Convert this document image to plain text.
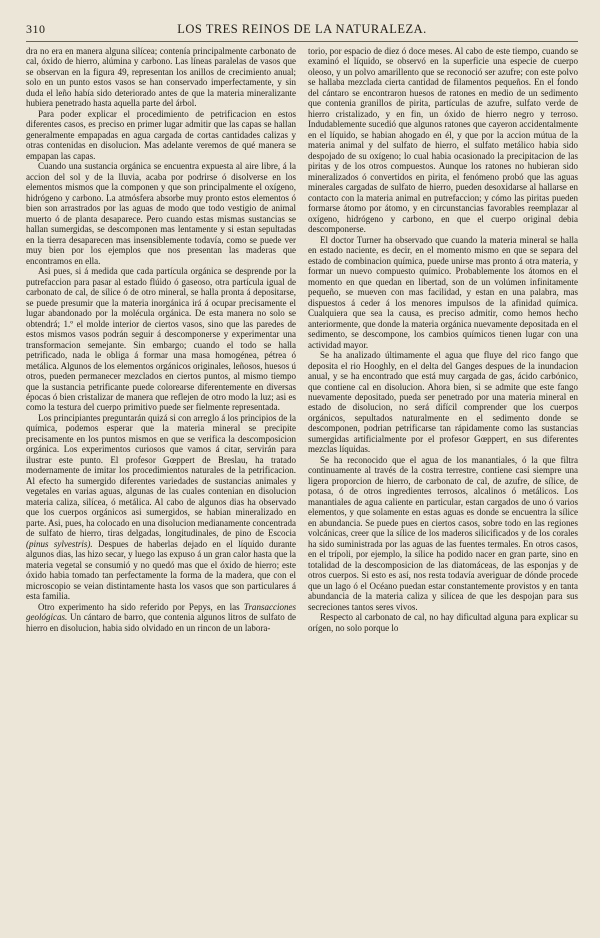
310	LOS TRES REINOS DE LA NATURALEZA.

dra no era en manera alguna silícea; contenía principalmente carbonato de cal, óxido de hierro, alúmina y carbono. Las líneas paralelas de vasos que se observan en la figura 49, representan los anillos de crecimiento anual; solo en un punto estos vasos se han conservado imperfectamente, y sin duda el leño había sido deteriorado antes de que la materia mineralizante hubiera penetrado hasta aquella parte del árbol.

Para poder explicar el procedimiento de petrificacion en estos diferentes casos, es preciso en primer lugar admitir que las capas se hallan generalmente empapadas en agua cargada de cortas cantidades calizas y otras contenidas en disolucion. Mas adelante veremos de qué manera se empapan las capas.

Cuando una sustancia orgánica se encuentra expuesta al aire libre, á la accion del sol y de la lluvia, acaba por podrirse ó disolverse en los elementos mismos que la componen y que son principalmente el oxígeno, hidrógeno y carbono. La atmósfera absorbe muy pronto estos elementos ó bien son arrastrados por las aguas de modo que todo vestigio de animal muerto ó de planta desaparece. Pero cuando estas mismas sustancias se hallan sumergidas, se descomponen mas lentamente y si estan sepultadas en la tierra desaparecen mas insensiblemente todavía, como se puede ver muy bien por los ejemplos que nos presentan las maderas que encontramos en ella.

Asi pues, si á medida que cada partícula orgánica se desprende por la putrefaccion para pasar al estado flúido ó gaseoso, otra partícula igual de carbonato de cal, de sílice ó de otro mineral, se halla pronta á depositarse, se puede presumir que la materia inorgánica irá á ocupar precisamente el lugar abandonado por la molécula orgánica. De esta manera no solo se obtendrá; 1.º el molde interior de ciertos vasos, sino que las paredes de estos mismos vasos podrán seguir á descomponerse y experimentar una transformacion semejante. Sin embargo; cuando el todo se halla petrificado, nada le obliga á formar una masa homogénea, pétrea ó metálica. Algunos de los elementos orgánicos originales, leñosos, huesos ú otros, pueden permanecer mezclados en ciertos puntos, al mismo tiempo que la sustancia petrificante puede colorearse diferentemente en diversas épocas ó bien cristalizar de manera que reflejen de otro modo la luz; asi es como la testura del cuerpo primitivo puede ser fielmente representada.

Los principiantes preguntarán quizá si con arreglo á los principios de la química, podemos esperar que la materia mineral se precipite precisamente en los puntos mismos en que se verifica la descomposicion orgánica. Los experimentos curiosos que vamos á citar, servirán para ilustrar este punto. El profesor Gœppert de Breslau, ha tratado modernamente de imitar los procedimientos naturales de la petrificacion. Al efecto ha sumergido diferentes variedades de sustancias animales y vegetales en varias aguas, algunas de las cuales contenian en disolucion materia caliza, silícea, ó metálica. Al cabo de algunos dias ha observado que los cuerpos orgánicos asi sumergidos, se habian mineralizado en parte. Asi, pues, ha colocado en una disolucion medianamente concentrada de sulfato de hierro, tiras delgadas, longitudinales, de pino de Escocia (pinus sylvestris). Despues de haberlas dejado en el líquido durante algunos dias, las hizo secar, y luego las expuso á un gran calor hasta que la materia vegetal se consumió y no quedó mas que el óxido de hierro; este óxido habia tomado tan perfectamente la forma de la madera, que con el microscopio se veian distintamente hasta los vasos que son particulares á esta familia.

Otro experimento ha sido referido por Pepys, en las Transacciones geológicas. Un cántaro de barro, que contenia algunos litros de sulfato de hierro en disolucion, habia sido olvidado en un rincon de un labora-

torio, por espacio de diez ó doce meses. Al cabo de este tiempo, cuando se examinó el líquido, se observó en la superficie una especie de cuerpo oleoso, y un polvo amarillento que se reconoció ser azufre; con este polvo se hallaba mezclada cierta cantidad de filamentos pequeños. En el fondo del cántaro se encontraron huesos de ratones en medio de un sedimento que contenia granillos de pirita, partículas de azufre, sulfato verde de hierro cristalizado, y en fin, un óxido de hierro negro y terroso. Indudablemente sucedió que algunos ratones que cayeron accidentalmente en el líquido, se habian ahogado en él, y que por la accion mútua de la materia animal y del sulfato de hierro, el sulfato metálico habia sido despojado de su oxígeno; lo cual habia ocasionado la precipitacion de las piritas y de los otros compuestos. Aunque los ratones no hubieran sido mineralizados ó convertidos en pirita, el fenómeno probó que las aguas minerales cargadas de sulfato de hierro, pueden desoxidarse al hallarse en contacto con la materia animal en putrefaccion; y cómo las piritas pueden formarse átomo por átomo, y en circunstancias favorables reemplazar al oxígeno, hidrógeno y carbono, en que el cuerpo original debia descomponerse.

El doctor Turner ha observado que cuando la materia mineral se halla en estado naciente, es decir, en el momento mismo en que se separa del estado de combinacion química, puede unirse mas pronto á otra materia, y formar un nuevo compuesto químico. Probablemente los átomos en el momento en que quedan en libertad, son de un volúmen infinitamente pequeño, se mueven con mas facilidad, y estan en una palabra, mas dispuestos á ceder á los menores impulsos de la afinidad química. Cualquiera que sea la causa, es preciso admitir, como hemos hecho anteriormente, que donde la materia orgánica nuevamente depositada en el sedimento, se descompone, los cambios químicos tienen lugar con una actividad mayor.

Se ha analizado últimamente el agua que fluye del rico fango que deposita el rio Hooghly, en el delta del Ganges despues de la inundacion anual, y se ha encontrado que está muy cargada de gas, ácido carbónico, que contiene cal en disolucion. Ahora bien, si se admite que este fango nuevamente depositado, pueda ser penetrado por una materia mineral en estado de disolucion, no será difícil comprender que los cuerpos orgánicos, sepultados naturalmente en el sedimento donde se descomponen, podrian petrificarse tan rápidamente como las sustancias sumergidas artificialmente por el profesor Gœppert, en sus diferentes mezclas líquidas.

Se ha reconocido que el agua de los manantiales, ó la que filtra continuamente al través de la costra terrestre, contiene casi siempre una ligera proporcion de hierro, de carbonato de cal, de azufre, de sílice, de potasa, ó de otros ingredientes terrosos, alcalinos ó metálicos. Los manantiales de agua caliente en particular, estan cargados de uno ó varios elementos, y que solamente en estas aguas es donde se encuentra la sílice en abundancia. Se puede pues en ciertos casos, sobre todo en las regiones volcánicas, creer que la sílice de los maderos silicificados y de los corales ha sido suministrada por las aguas de las fuentes termales. En otros casos, en el trípoli, por ejemplo, la sílice ha podido nacer en gran parte, sino en totalidad de la descomposicion de las diatomáceas, de las esponjas y de otros cuerpos. Si esto es así, nos resta todavía averiguar de dónde procede que un lago ó el Océano puedan estar constantemente provistos y en tanta abundancia de la materia caliza y silícea de que les despojan para sus secreciones tantos seres vivos.

Respecto al carbonato de cal, no hay dificultad alguna para explicar su orígen, no solo porque lo
